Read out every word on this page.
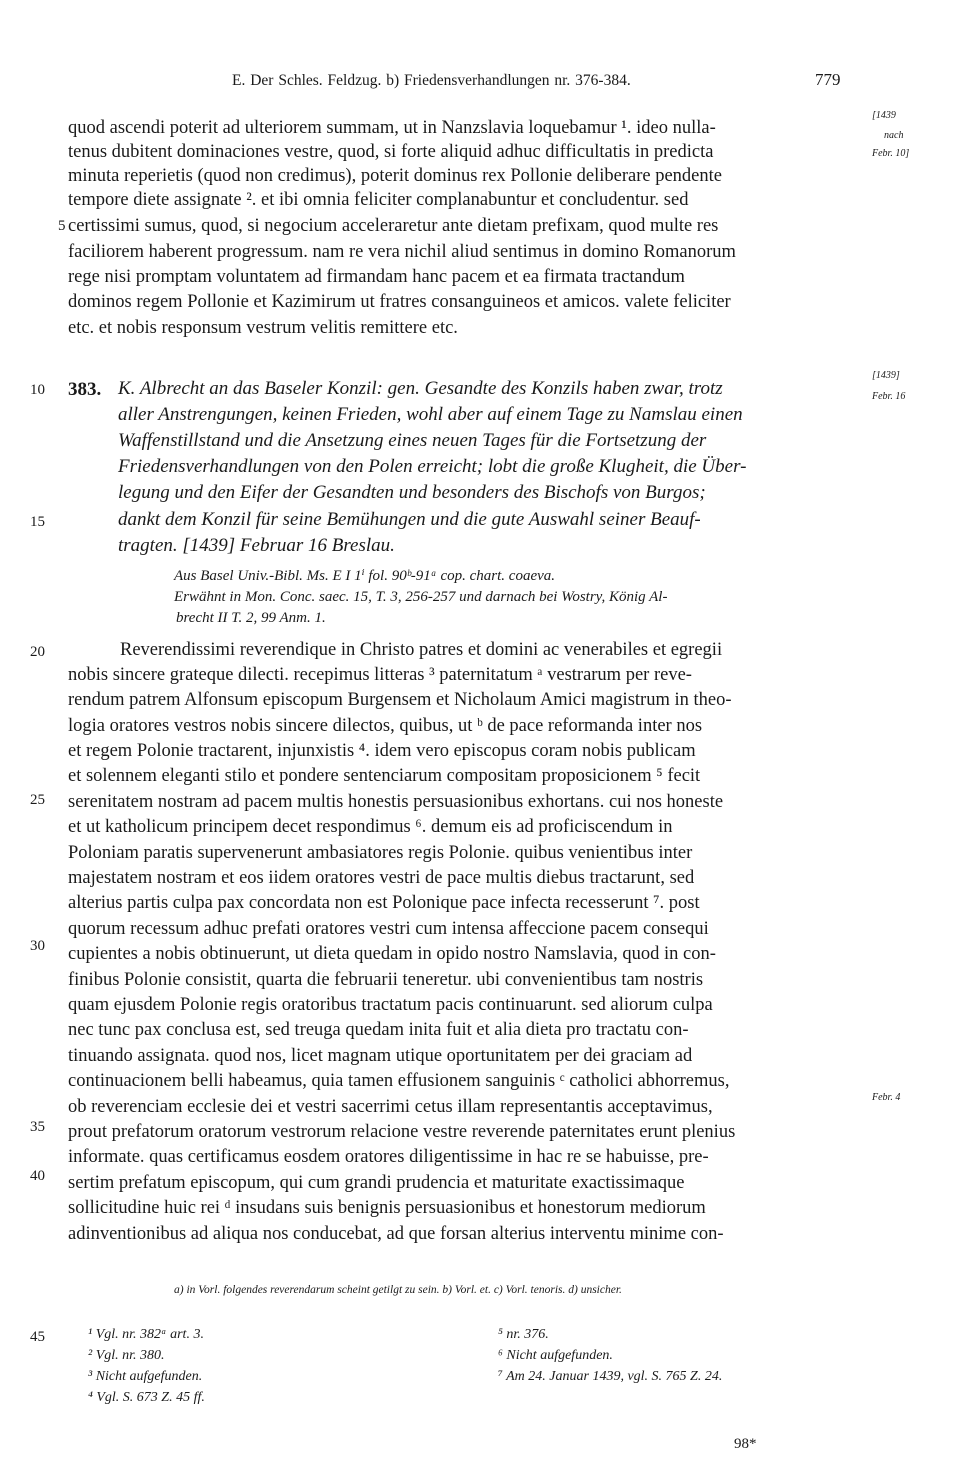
E. Der Schles. Feldzug. b) Friedensverhandlungen nr. 376-384.	779
[1439
nach
Febr. 10]
[1439]
Febr. 16
Febr. 4
5
10
15
20
25
30
35
40
45
quod ascendi poterit ad ulteriorem summam, ut in Nanzslavia loquebamur ¹. ideo nulla-
tenus dubitent dominaciones vestre, quod, si forte aliquid adhuc difficultatis in predicta
minuta reperietis (quod non credimus), poterit dominus rex Pollonie deliberare pendente
tempore diete assignate ². et ibi omnia feliciter complanabuntur et concludentur. sed
certissimi sumus, quod, si negocium acceleraretur ante dietam prefixam, quod multe res
faciliorem haberent progressum. nam re vera nichil aliud sentimus in domino Romanorum
rege nisi promptam voluntatem ad firmandam hanc pacem et ea firmata tractandum
dominos regem Pollonie et Kazimirum ut fratres consanguineos et amicos. valete feliciter
etc. et nobis responsum vestrum velitis remittere etc.
383. K. Albrecht an das Baseler Konzil: gen. Gesandte des Konzils haben zwar, trotz
aller Anstrengungen, keinen Frieden, wohl aber auf einem Tage zu Namslau einen
Waffenstillstand und die Ansetzung eines neuen Tages für die Fortsetzung der
Friedensverhandlungen von den Polen erreicht; lobt die große Klugheit, die Über-
legung und den Eifer der Gesandten und besonders des Bischofs von Burgos;
dankt dem Konzil für seine Bemühungen und die gute Auswahl seiner Beauf-
tragten. [1439] Februar 16 Breslau.
Aus Basel Univ.-Bibl. Ms. E I 1ⁱ fol. 90ᵇ-91ᵃ cop. chart. coaeva.
Erwähnt in Mon. Conc. saec. 15, T. 3, 256-257 und darnach bei Wostry, König Al-
brecht II T. 2, 99 Anm. 1.
Reverendissimi reverendique in Christo patres et domini ac venerabiles et egregii
nobis sincere grateque dilecti. recepimus litteras ³ paternitatum ᵃ vestrarum per reve-
rendum patrem Alfonsum episcopum Burgensem et Nicholaum Amici magistrum in theo-
logia oratores vestros nobis sincere dilectos, quibus, ut ᵇ de pace reformanda inter nos
et regem Polonie tractarent, injunxistis ⁴. idem vero episcopus coram nobis publicam
et solennem eleganti stilo et pondere sentenciarum compositam proposicionem ⁵ fecit
serenitatem nostram ad pacem multis honestis persuasionibus exhortans. cui nos honeste
et ut katholicum principem decet respondimus ⁶. demum eis ad proficiscendum in
Poloniam paratis supervenerunt ambasiatores regis Polonie. quibus venientibus inter
majestatem nostram et eos iidem oratores vestri de pace multis diebus tractarunt, sed
alterius partis culpa pax concordata non est Polonique pace infecta recesserunt ⁷. post
quorum recessum adhuc prefati oratores vestri cum intensa affeccione pacem consequi
cupientes a nobis obtinuerunt, ut dieta quedam in opido nostro Namslavia, quod in con-
finibus Polonie consistit, quarta die februarii teneretur. ubi convenientibus tam nostris
quam ejusdem Polonie regis oratoribus tractatum pacis continuarunt. sed aliorum culpa
nec tunc pax conclusa est, sed treuga quedam inita fuit et alia dieta pro tractatu con-
tinuando assignata. quod nos, licet magnam utique oportunitatem per dei graciam ad
continuacionem belli habeamus, quia tamen effusionem sanguinis ᶜ catholici abhorremus,
ob reverenciam ecclesie dei et vestri sacerrimi cetus illam representantis acceptavimus,
prout prefatorum oratorum vestrorum relacione vestre reverende paternitates erunt plenius
informate. quas certificamus eosdem oratores diligentissime in hac re se habuisse, pre-
sertim prefatum episcopum, qui cum grandi prudencia et maturitate exactissimaque
sollicitudine huic rei ᵈ insudans suis benignis persuasionibus et honestorum mediorum
adinventionibus ad aliqua nos conducebat, ad que forsan alterius interventu minime con-
a) in Vorl. folgendes reverendarum scheint getilgt zu sein. b) Vorl. et. c) Vorl. tenoris. d) unsicher.
¹ Vgl. nr. 382ᵃ art. 3.
² Vgl. nr. 380.
³ Nicht aufgefunden.
⁴ Vgl. S. 673 Z. 45 ff.
⁵ nr. 376.
⁶ Nicht aufgefunden.
⁷ Am 24. Januar 1439, vgl. S. 765 Z. 24.
98*
